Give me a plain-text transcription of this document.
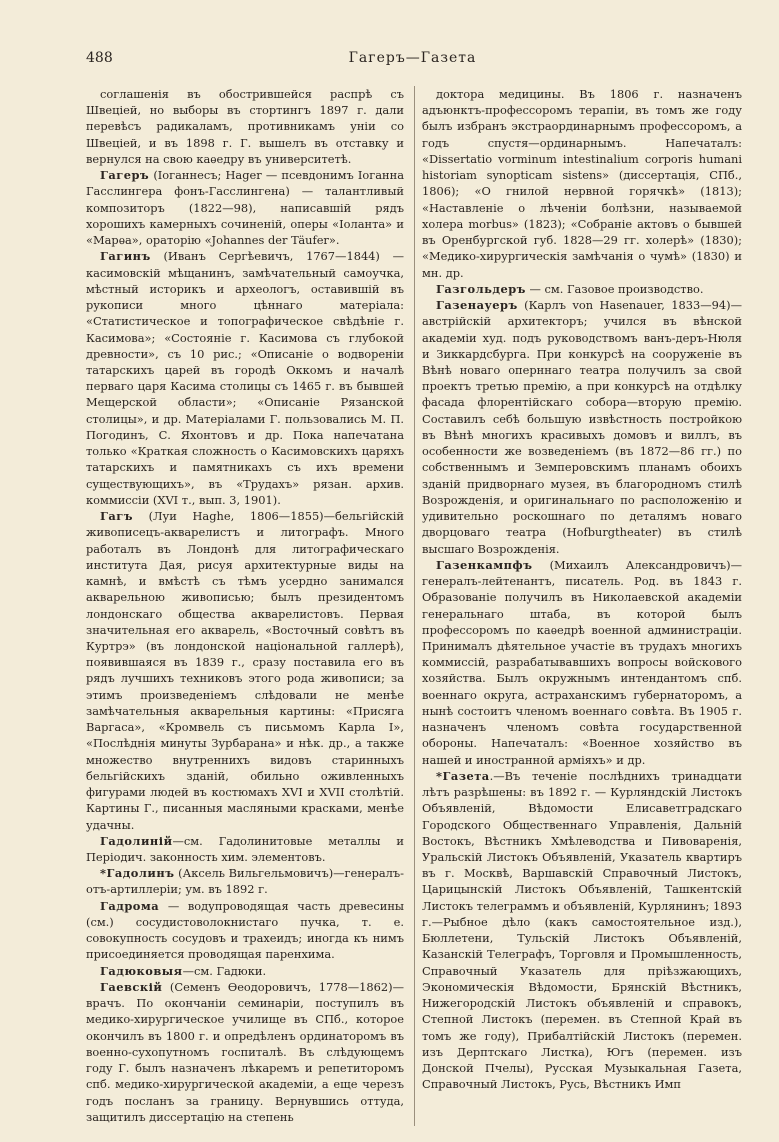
488	Гагеръ—Газета

соглашенія въ обострившейся распрѣ съ Швеціей, но выборы въ стортингъ 1897 г. дали перевѣсъ радикаламъ, противникамъ уніи со Швеціей, и въ 1898 г. Г. вышелъ въ отставку и вернулся на свою каѳедру въ университетѣ.

Гагеръ (Іоганнесъ; Hager — псевдонимъ Іоганна Гасслингера фонъ-Гасслингенa) — талантливый композиторъ (1822—98), написавшій рядъ хорошихъ камерныхъ сочиненій, оперы «Іоланта» и «Марѳа», ораторію «Johannes der Täufer».

Гагинъ (Иванъ Сергѣевичъ, 1767—1844) — касимовскій мѣщанинъ, замѣчательный самоучка, мѣстный историкъ и археологъ, оставившій въ рукописи много цѣннаго матеріала: «Статистическое и топографическое свѣдѣніе г. Касимова»; «Состояніе г. Касимова съ глубокой древности», съ 10 рис.; «Описаніе о водвореніи татарскихъ царей въ городѣ Оккомъ и началѣ перваго царя Касима столицы съ 1465 г. въ бывшей Мещерской области»; «Описаніе Рязанской столицы», и др. Матеріалами Г. пользовались М. П. Погодинъ, С. Яхонтовъ и др. Пока напечатана только «Краткая сложность о Касимовскихъ царяхъ татарскихъ и памятникахъ съ ихъ времени существующихъ», въ «Трудахъ» рязан. архив. коммиссіи (XVI т., вып. 3, 1901).

Гагъ (Луи Haghe, 1806—1855)—бельгійскій живописецъ-акварелистъ и литографъ. Много работалъ въ Лондонѣ для литографическаго института Дая, рисуя архитектурные виды на камнѣ, и вмѣстѣ съ тѣмъ усердно занимался акварельною живописью; былъ президентомъ лондонскаго общества акварелистовъ. Первая значительная его акварель, «Восточный совѣтъ въ Куртрэ» (въ лондонской національной галлерѣ), появившаяся въ 1839 г., сразу поставила его въ рядъ лучшихъ техниковъ этого рода живописи; за этимъ произведеніемъ слѣдовали не менѣе замѣчательныя акварельныя картины: «Присяга Варгаса», «Кромвель съ письмомъ Карла I», «Послѣднія минуты Зурбарана» и нѣк. др., а также множество внутреннихъ видовъ старинныхъ бельгійскихъ зданій, обильно оживленныхъ фигурами людей въ костюмахъ XVI и XVII столѣтій. Картины Г., писанныя масляными красками, менѣе удачны.

Гадолиній—см. Гадолинитовые металлы и Періодич. законность хим. элементовъ.

*Гадолинъ (Аксель Вильгельмовичъ)—генералъ-отъ-артиллеріи; ум. въ 1892 г.

Гадрома — водупроводящая часть древесины (см.) сосудистоволокнистаго пучка, т. е. совокупность сосудовъ и трахеидъ; иногда къ нимъ присоединяется проводящая паренхима.

Гадюковыя—см. Гадюки.

Гаевскій (Семенъ Ѳеодоровичъ, 1778—1862)—врачъ. По окончаніи семинаріи, поступилъ въ медико-хирургическое училище въ СПб., которое окончилъ въ 1800 г. и опредѣленъ ординаторомъ въ военно-сухопутномъ госпиталѣ. Въ слѣдующемъ году Г. былъ назначенъ лѣкаремъ и репетиторомъ спб. медико-хирургической академіи, а еще черезъ годъ посланъ за границу. Вернувшись оттуда, защитилъ диссертацію на степень

доктора медицины. Въ 1806 г. назначенъ адъюнктъ-профессоромъ терапіи, въ томъ же году былъ избранъ экстраординарнымъ профессоромъ, а годъ спустя—ординарнымъ. Напечаталъ: «Dissertatio vorminum intestinalium corporis humani historiam synopticam sistens» (диссертація, СПб., 1806); «О гнилой нервной горячкѣ» (1813); «Наставленіе о лѣченіи болѣзни, называемой холера morbus» (1823); «Собраніе актовъ о бывшей въ Оренбургской губ. 1828—29 гг. холерѣ» (1830); «Медико-хирургическія замѣчанія о чумѣ» (1830) и мн. др.

Газгольдеръ — см. Газовое производство.

Газенауеръ (Карлъ von Hasenauer, 1833—94)—австрійскій архитекторъ; учился въ вѣнской академіи худ. подъ руководствомъ ванъ-деръ-Нюля и Зиккардсбурга. При конкурсѣ на сооруженіе въ Вѣнѣ новаго оперннаго театра получилъ за свой проектъ третью премію, а при конкурсѣ на отдѣлку фасада флорентійскаго собора—вторую премію. Составилъ себѣ большую извѣстность постройкою въ Вѣнѣ многихъ красивыхъ домовъ и виллъ, въ особенности же возведеніемъ (въ 1872—86 гг.) по собственнымъ и Земперовскимъ планамъ обоихъ зданій придворнаго музея, въ благородномъ стилѣ Возрожденія, и оригинальнаго по расположенію и удивительно роскошнаго по деталямъ новаго дворцоваго театра (Hofburgtheater) въ стилѣ высшаго Возрожденія.

Газенкампфъ (Михаилъ Александровичъ)—генералъ-лейтенантъ, писатель. Род. въ 1843 г. Образованіе получилъ въ Николаевской академіи генеральнаго штаба, въ которой былъ профессоромъ по каѳедрѣ военной администраціи. Принималъ дѣятельное участіе въ трудахъ многихъ коммиссій, разрабатывавшихъ вопросы войскового хозяйства. Былъ окружнымъ интендантомъ спб. военнаго округа, астраханскимъ губернаторомъ, а нынѣ состоитъ членомъ военнаго совѣта. Въ 1905 г. назначенъ членомъ совѣта государственной обороны. Напечаталъ: «Военное хозяйство въ нашей и иностранной арміяхъ» и др.

*Газета.—Въ теченіе послѣднихъ тринадцати лѣтъ разрѣшены: въ 1892 г. — Курляндскій Листокъ Объявленій, Вѣдомости Елисаветградскаго Городского Общественнаго Управленія, Дальній Востокъ, Вѣстникъ Хмѣлеводства и Пивоваренія, Уральскій Листокъ Объявленій, Указатель квартиръ въ г. Москвѣ, Варшавскій Справочный Листокъ, Царицынскій Листокъ Объявленій, Ташкентскій Листокъ телеграммъ и объявленій, Курлянинъ; 1893 г.—Рыбное дѣло (какъ самостоятельное изд.), Бюллетени, Тульскій Листокъ Объявленій, Казанскій Телеграфъ, Торговля и Промышленность, Справочный Указатель для пріѣзжающихъ, Экономическія Вѣдомости, Брянскій Вѣстникъ, Нижегородскій Листокъ объявленій и справокъ, Степной Листокъ (перемен. въ Степной Край въ томъ же году), Прибалтійскій Листокъ (перемен. изъ Дерптскаго Листка), Югъ (перемен. изъ Донской Пчелы), Русская Музыкальная Газета, Справочный Листокъ, Русь, Вѣстникъ Имп
